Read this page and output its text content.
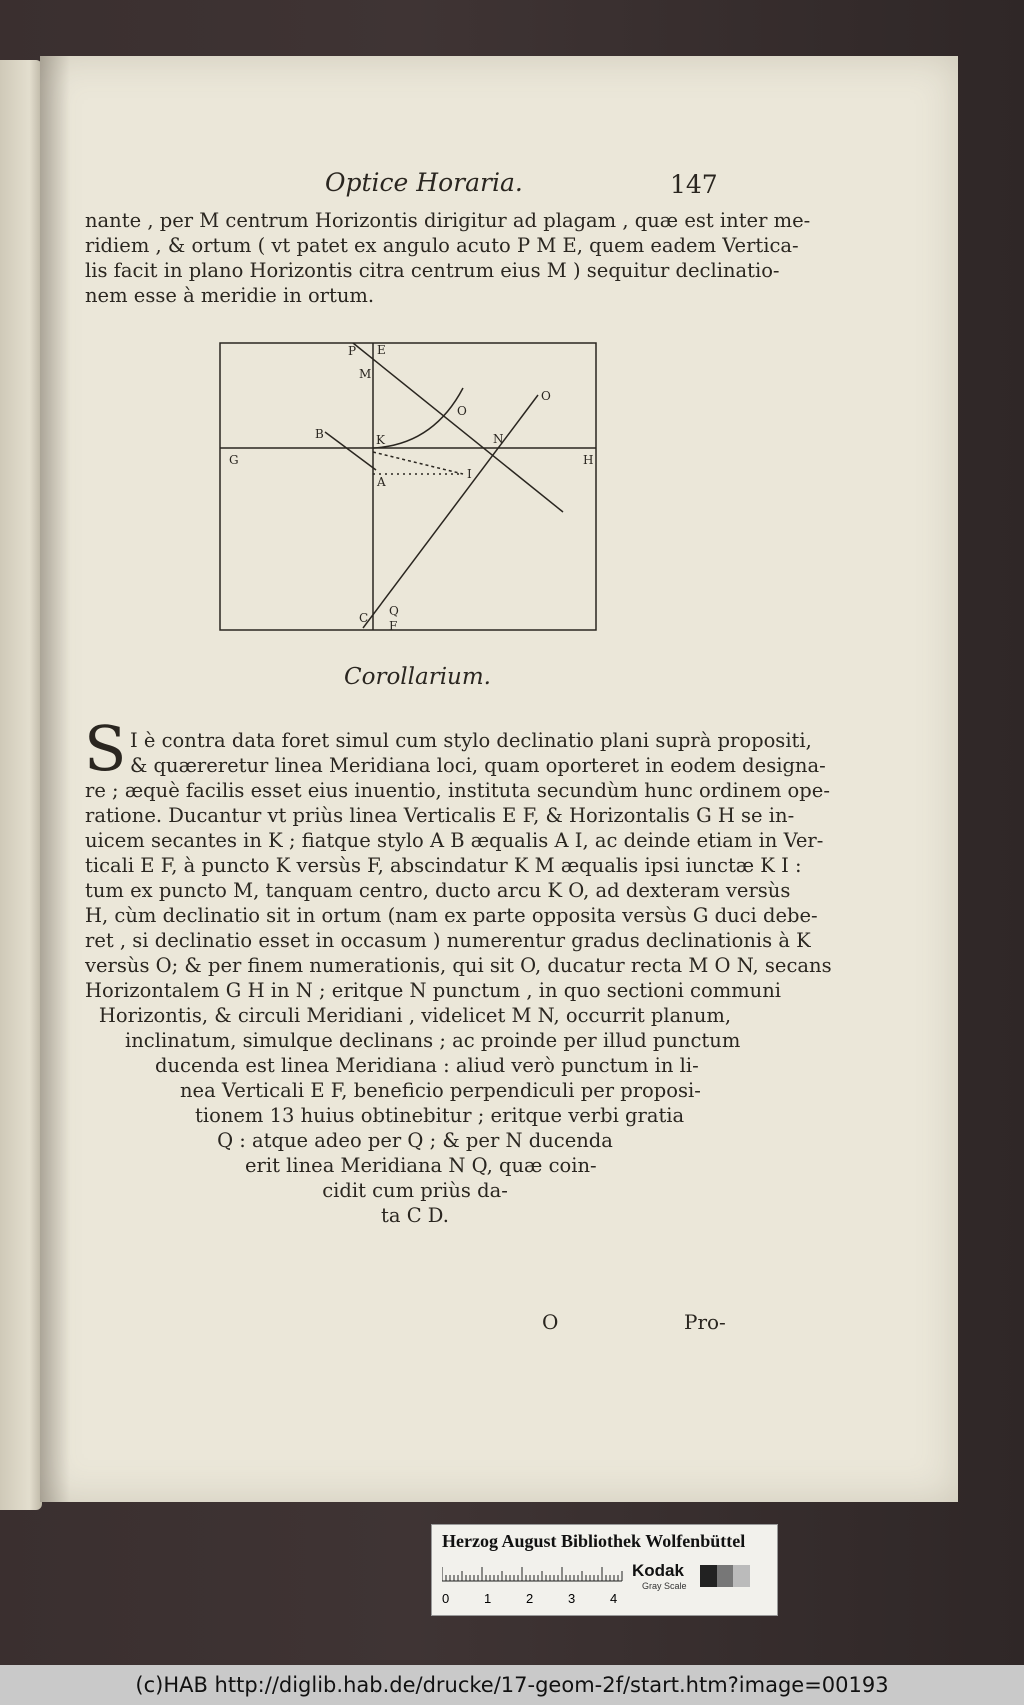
Optice Horaria.	147
nante , per M centrum Horizontis dirigitur ad plagam , quæ est inter me-
ridiem , & ortum ( vt patet ex angulo acuto P M E, quem eadem Vertica-
lis facit in plano Horizontis citra centrum eius M ) sequitur declinatio-
nem esse à meridie in ortum.
P E
M
O
O
B	K	N
G	H
A
I
C Q
F
Corollarium.
S I è contra data foret simul cum stylo declinatio plani suprà propositi,
& quæreretur linea Meridiana loci, quam oporteret in eodem designa-
re ; æquè facilis esset eius inuentio, instituta secundùm hunc ordinem ope-
ratione. Ducantur vt priùs linea Verticalis E F, & Horizontalis G H se in-
uicem secantes in K ; fiatque stylo A B æqualis A I, ac deinde etiam in Ver-
ticali E F, à puncto K versùs F, abscindatur K M æqualis ipsi iunctæ K I :
tum ex puncto M, tanquam centro, ducto arcu K O, ad dexteram versùs
H, cùm declinatio sit in ortum (nam ex parte opposita versùs G duci debe-
ret , si declinatio esset in occasum ) numerentur gradus declinationis à K
versùs O; & per finem numerationis, qui sit O, ducatur recta M O N, secans
Horizontalem G H in N ; eritque N punctum , in quo sectioni communi
Horizontis, & circuli Meridiani , videlicet M N, occurrit planum,
inclinatum, simulque declinans ; ac proinde per illud punctum
ducenda est linea Meridiana : aliud verò punctum in li-
nea Verticali E F, beneficio perpendiculi per proposi-
tionem 13 huius obtinebitur ; eritque verbi gratia
Q : atque adeo per Q ; & per N ducenda
erit linea Meridiana N Q, quæ coin-
cidit cum priùs da-
ta C D.
O	Pro-
Herzog August Bibliothek Wolfenbüttel
0	1	2	3	4
Kodak
Gray Scale
(c)HAB http://diglib.hab.de/drucke/17-geom-2f/start.htm?image=00193
